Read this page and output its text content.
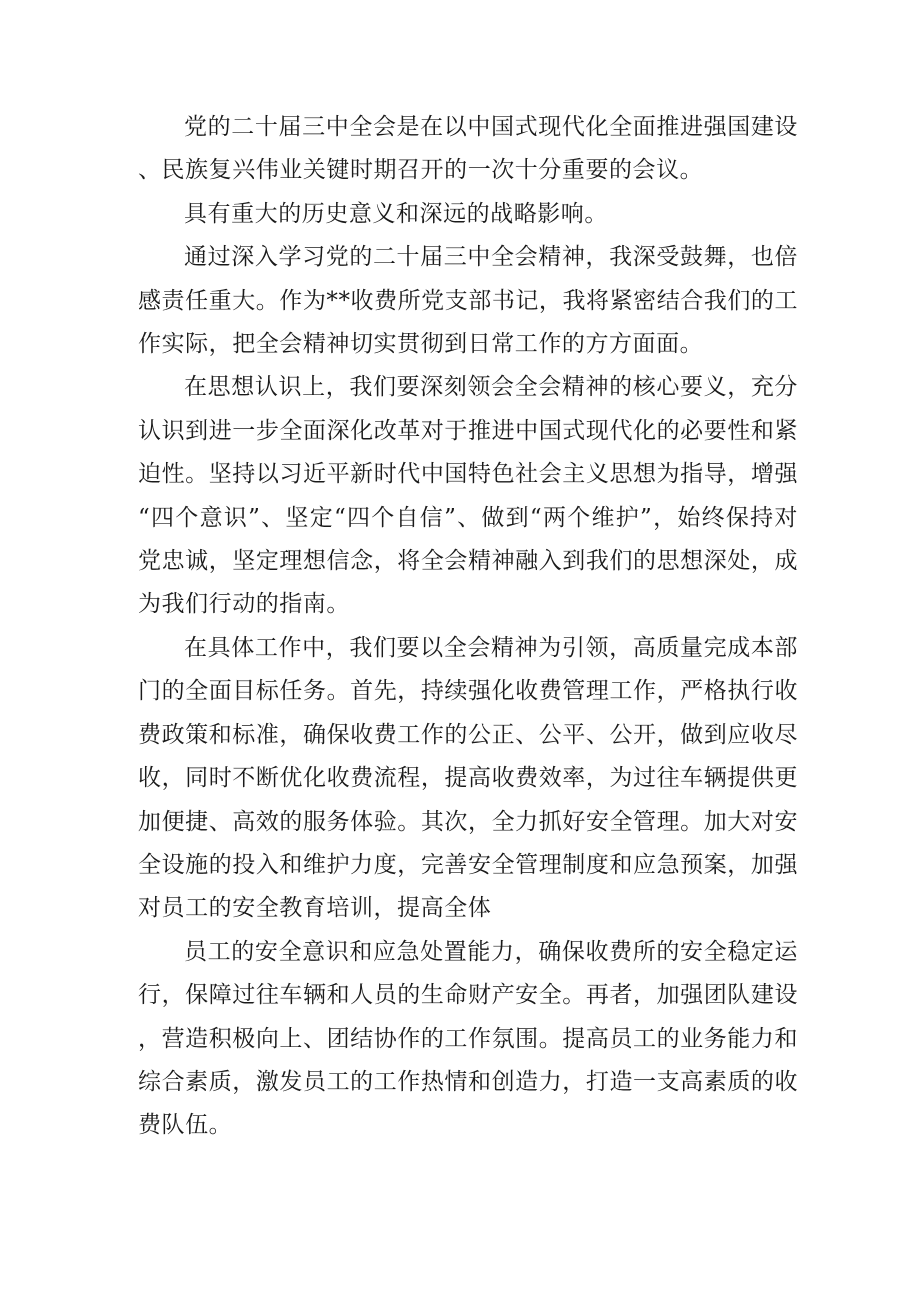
党的二十届三中全会是在以中国式现代化全面推进强国建设、民族复兴伟业关键时期召开的一次十分重要的会议。

具有重大的历史意义和深远的战略影响。

通过深入学习党的二十届三中全会精神，我深受鼓舞，也倍感责任重大。作为**收费所党支部书记，我将紧密结合我们的工作实际，把全会精神切实贯彻到日常工作的方方面面。

在思想认识上，我们要深刻领会全会精神的核心要义，充分认识到进一步全面深化改革对于推进中国式现代化的必要性和紧迫性。坚持以习近平新时代中国特色社会主义思想为指导，增强“四个意识”、坚定“四个自信”、做到“两个维护”，始终保持对党忠诚，坚定理想信念，将全会精神融入到我们的思想深处，成为我们行动的指南。

在具体工作中，我们要以全会精神为引领，高质量完成本部门的全面目标任务。首先，持续强化收费管理工作，严格执行收费政策和标准，确保收费工作的公正、公平、公开，做到应收尽收，同时不断优化收费流程，提高收费效率，为过往车辆提供更加便捷、高效的服务体验。其次，全力抓好安全管理。加大对安全设施的投入和维护力度，完善安全管理制度和应急预案，加强对员工的安全教育培训，提高全体

员工的安全意识和应急处置能力，确保收费所的安全稳定运行，保障过往车辆和人员的生命财产安全。再者，加强团队建设，营造积极向上、团结协作的工作氛围。提高员工的业务能力和综合素质，激发员工的工作热情和创造力，打造一支高素质的收费队伍。
